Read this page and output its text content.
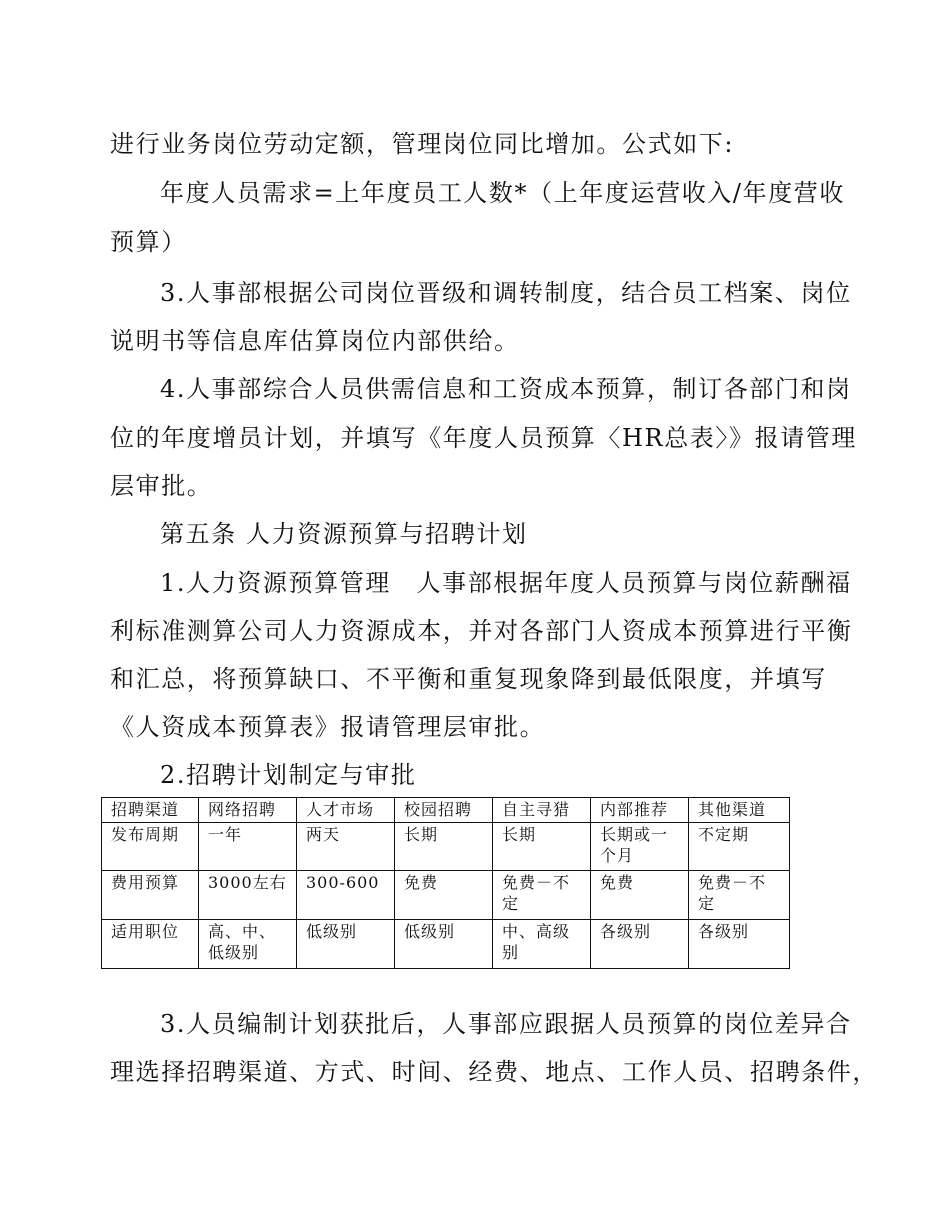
进行业务岗位劳动定额，管理岗位同比增加。公式如下:
年度人员需求=上年度员工人数*（上年度运营收入/年度营收
预算）
3.人事部根据公司岗位晋级和调转制度，结合员工档案、岗位
说明书等信息库估算岗位内部供给。
4.人事部综合人员供需信息和工资成本预算，制订各部门和岗
位的年度增员计划，并填写《年度人员预算〈HR总表〉》报请管理
层审批。
第五条 人力资源预算与招聘计划
1.人力资源预算管理　人事部根据年度人员预算与岗位薪酬福
利标准测算公司人力资源成本，并对各部门人资成本预算进行平衡
和汇总，将预算缺口、不平衡和重复现象降到最低限度，并填写
《人资成本预算表》报请管理层审批。
2.招聘计划制定与审批
招聘渠道	网络招聘	人才市场	校园招聘	自主寻猎	内部推荐	其他渠道
发布周期	一年	两天	长期	长期	长期或一个月	不定期
费用预算	3000左右	300-600	免费	免费－不定	免费	免费－不定
适用职位	高、中、低级别	低级别	低级别	中、高级别	各级别	各级别
3.人员编制计划获批后，人事部应跟据人员预算的岗位差异合
理选择招聘渠道、方式、时间、经费、地点、工作人员、招聘条件，
